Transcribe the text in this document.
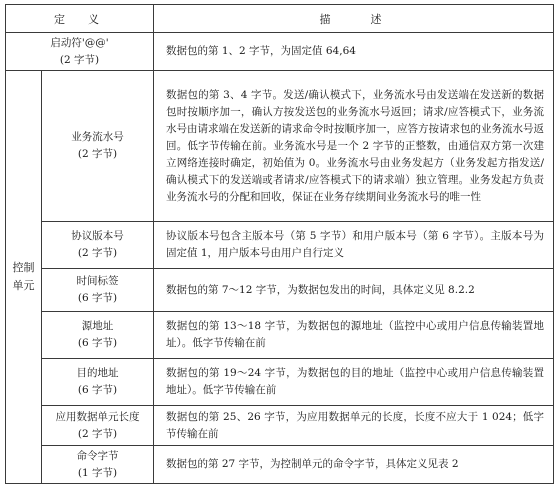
定　义		描　　述

启动符'@@'
(2 字节)		数据包的第 1、2 字节，为固定值 64,64

控制
单元	业务流水号
(2 字节)	数据包的第 3、4 字节。发送/确认模式下，业务流水号由发送端在发送新的数据包时按顺序加一，确认方按发送包的业务流水号返回；请求/应答模式下，业务流水号由请求端在发送新的请求命令时按顺序加一，应答方按请求包的业务流水号返回。低字节传输在前。业务流水号是一个 2 字节的正整数，由通信双方第一次建立网络连接时确定，初始值为 0。业务流水号由业务发起方（业务发起方指发送/确认模式下的发送端或者请求/应答模式下的请求端）独立管理。业务发起方负责业务流水号的分配和回收，保证在业务存续期间业务流水号的唯一性

	协议版本号
(2 字节)	协议版本号包含主版本号（第 5 字节）和用户版本号（第 6 字节）。主版本号为固定值 1，用户版本号由用户自行定义

	时间标签
(6 字节)	数据包的第 7～12 字节，为数据包发出的时间，具体定义见 8.2.2

	源地址
(6 字节)	数据包的第 13～18 字节，为数据包的源地址（监控中心或用户信息传输装置地址）。低字节传输在前

	目的地址
(6 字节)	数据包的第 19～24 字节，为数据包的目的地址（监控中心或用户信息传输装置地址）。低字节传输在前

	应用数据单元长度
(2 字节)	数据包的第 25、26 字节，为应用数据单元的长度，长度不应大于 1 024；低字节传输在前

	命令字节
(1 字节)	数据包的第 27 字节，为控制单元的命令字节，具体定义见表 2
